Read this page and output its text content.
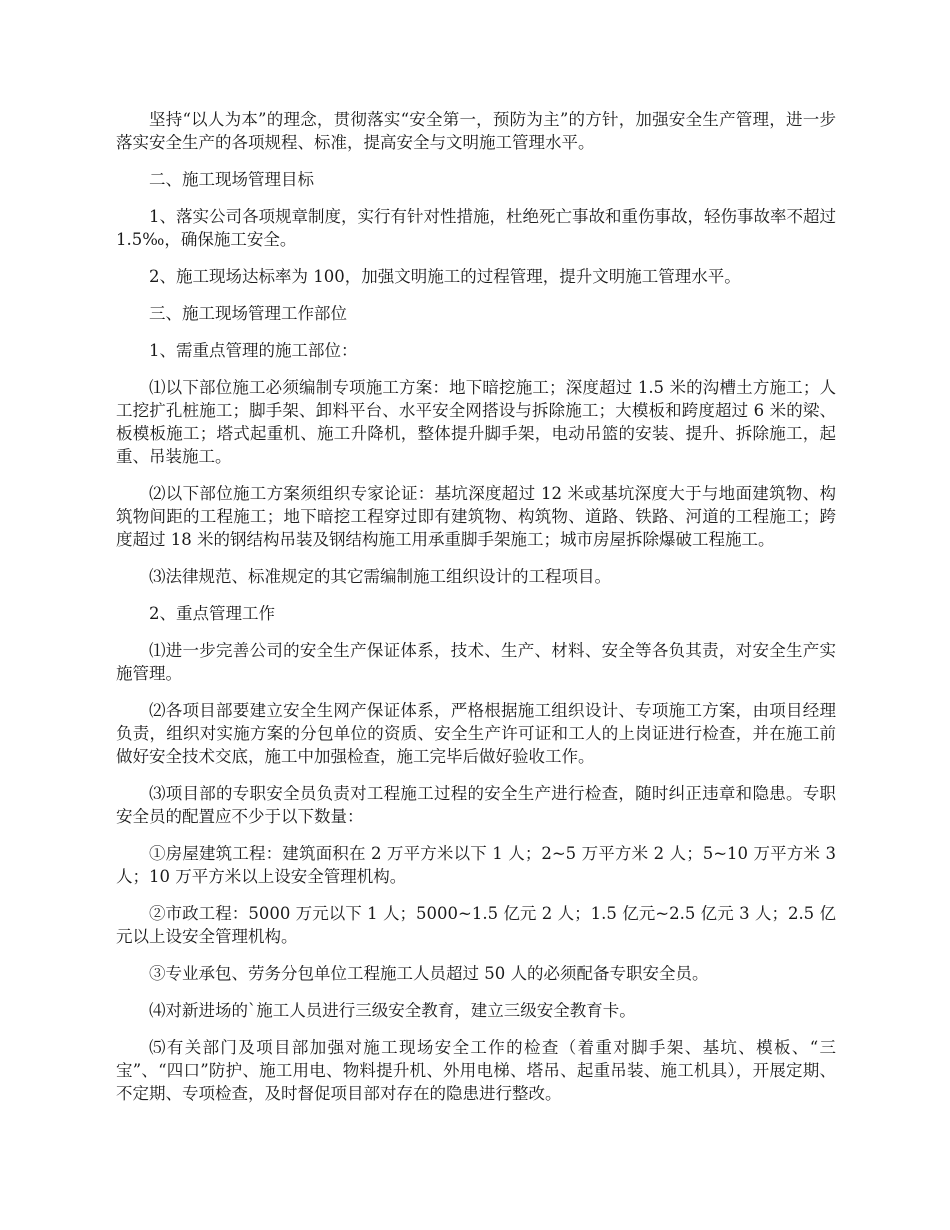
坚持“以人为本”的理念，贯彻落实“安全第一，预防为主”的方针，加强安全生产管理，进一步落实安全生产的各项规程、标准，提高安全与文明施工管理水平。

二、施工现场管理目标

1、落实公司各项规章制度，实行有针对性措施，杜绝死亡事故和重伤事故，轻伤事故率不超过 1.5‰，确保施工安全。

2、施工现场达标率为 100，加强文明施工的过程管理，提升文明施工管理水平。

三、施工现场管理工作部位

1、需重点管理的施工部位：

⑴以下部位施工必须编制专项施工方案：地下暗挖施工；深度超过 1.5 米的沟槽土方施工；人工挖扩孔桩施工；脚手架、卸料平台、水平安全网搭设与拆除施工；大模板和跨度超过 6 米的梁、板模板施工；塔式起重机、施工升降机，整体提升脚手架，电动吊篮的安装、提升、拆除施工，起重、吊装施工。

⑵以下部位施工方案须组织专家论证：基坑深度超过 12 米或基坑深度大于与地面建筑物、构筑物间距的工程施工；地下暗挖工程穿过即有建筑物、构筑物、道路、铁路、河道的工程施工；跨度超过 18 米的钢结构吊装及钢结构施工用承重脚手架施工；城市房屋拆除爆破工程施工。

⑶法律规范、标准规定的其它需编制施工组织设计的工程项目。

2、重点管理工作

⑴进一步完善公司的安全生产保证体系，技术、生产、材料、安全等各负其责，对安全生产实施管理。

⑵各项目部要建立安全生网产保证体系，严格根据施工组织设计、专项施工方案，由项目经理负责，组织对实施方案的分包单位的资质、安全生产许可证和工人的上岗证进行检查，并在施工前做好安全技术交底，施工中加强检查，施工完毕后做好验收工作。

⑶项目部的专职安全员负责对工程施工过程的安全生产进行检查，随时纠正违章和隐患。专职安全员的配置应不少于以下数量：

①房屋建筑工程：建筑面积在 2 万平方米以下 1 人；2~5 万平方米 2 人；5~10 万平方米 3 人；10 万平方米以上设安全管理机构。

②市政工程：5000 万元以下 1 人；5000~1.5 亿元 2 人；1.5 亿元~2.5 亿元 3 人；2.5 亿元以上设安全管理机构。

③专业承包、劳务分包单位工程施工人员超过 50 人的必须配备专职安全员。

⑷对新进场的`施工人员进行三级安全教育，建立三级安全教育卡。

⑸有关部门及项目部加强对施工现场安全工作的检查（着重对脚手架、基坑、模板、“三宝”、“四口”防护、施工用电、物料提升机、外用电梯、塔吊、起重吊装、施工机具），开展定期、不定期、专项检查，及时督促项目部对存在的隐患进行整改。
